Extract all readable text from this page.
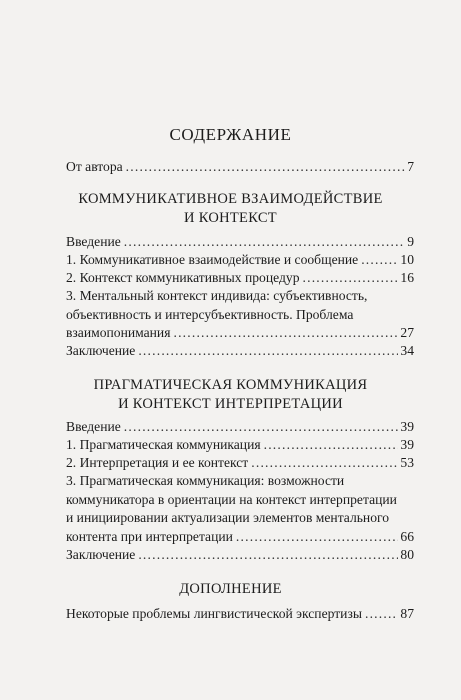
СОДЕРЖАНИЕ
От автора .....	7
КОММУНИКАТИВНОЕ ВЗАИМОДЕЙСТВИЕ
И КОНТЕКСТ
Введение .....	9
1. Коммуникативное взаимодействие и сообщение .....	10
2. Контекст коммуникативных процедур .....	16
3. Ментальный контекст индивида: субъективность,
объективность и интерсубъективность. Проблема
взаимопонимания .....	27
Заключение .....	34
ПРАГМАТИЧЕСКАЯ КОММУНИКАЦИЯ
И КОНТЕКСТ ИНТЕРПРЕТАЦИИ
Введение .....	39
1. Прагматическая коммуникация .....	39
2. Интерпретация и ее контекст .....	53
3. Прагматическая коммуникация: возможности
коммуникатора в ориентации на контекст интерпретации
и инициировании актуализации элементов ментального
контента при интерпретации .....	66
Заключение .....	80
ДОПОЛНЕНИЕ
Некоторые проблемы лингвистической экспертизы .....	87
